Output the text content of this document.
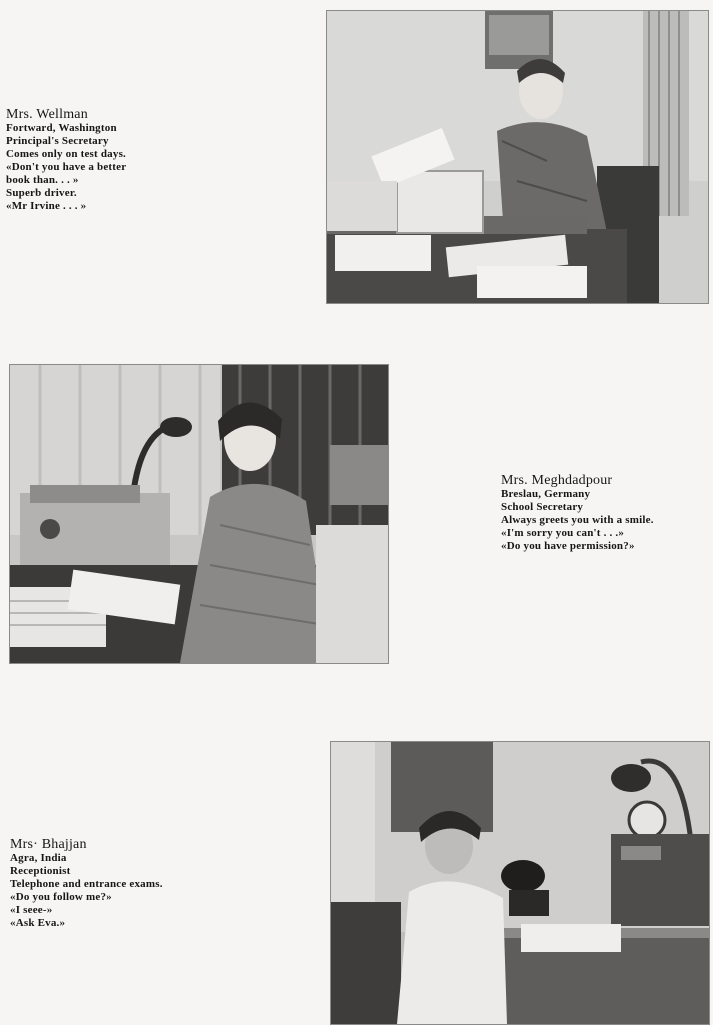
Mrs. Wellman
Fortward, Washington
Principal's Secretary
Comes only on test days.
«Don't you have a better
book than. . . »
Superb driver.
«Mr Irvine . . . »
Mrs. Meghdadpour
Breslau, Germany
School Secretary
Always greets you with a smile.
«I'm sorry you can't . . .»
«Do you have permission?»
Mrs· Bhajjan
Agra, India
Receptionist
Telephone and entrance exams.
«Do you follow me?»
«I seee-»
«Ask Eva.»
